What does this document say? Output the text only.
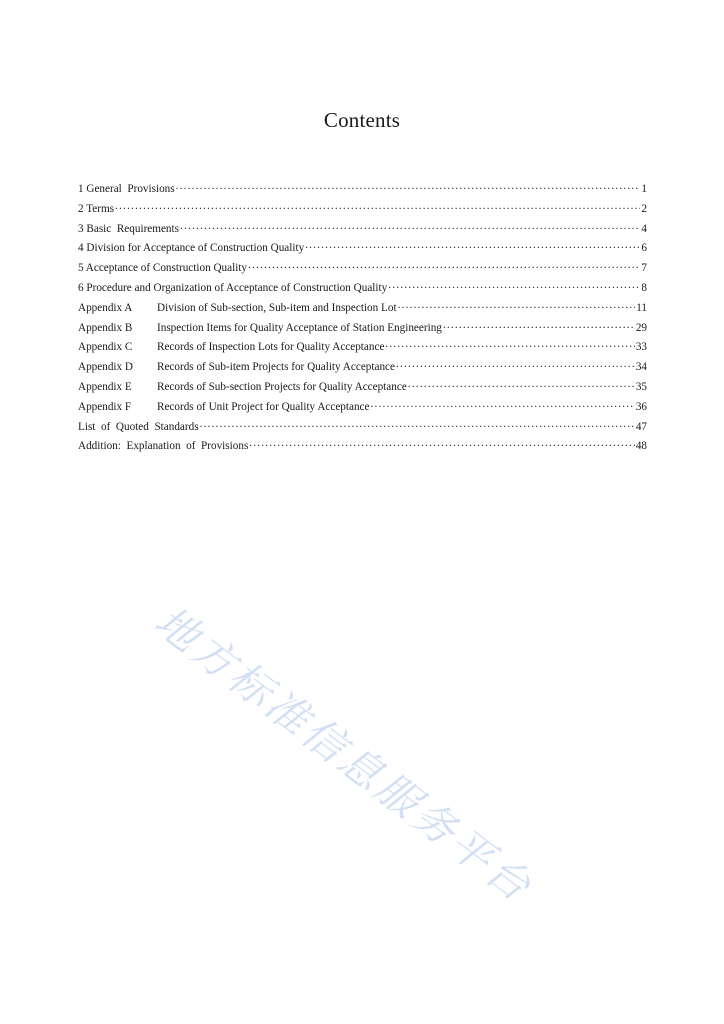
Contents
1 General  Provisions .....	1
2 Terms .....	2
3 Basic  Requirements .....	4
4 Division for Acceptance of Construction Quality .....	6
5 Acceptance of Construction Quality .....	7
6 Procedure and Organization of Acceptance of Construction Quality .....	8
Appendix A Division of Sub-section, Sub-item and Inspection Lot .....	11
Appendix B Inspection Items for Quality Acceptance of Station Engineering .....	29
Appendix C Records of Inspection Lots for Quality Acceptance .....	33
Appendix D Records of Sub-item Projects for Quality Acceptance .....	34
Appendix E Records of Sub-section Projects for Quality Acceptance .....	35
Appendix F Records of Unit Project for Quality Acceptance .....	36
List  of  Quoted  Standards .....	47
Addition:  Explanation  of  Provisions .....	48
地方标准信息服务平台
